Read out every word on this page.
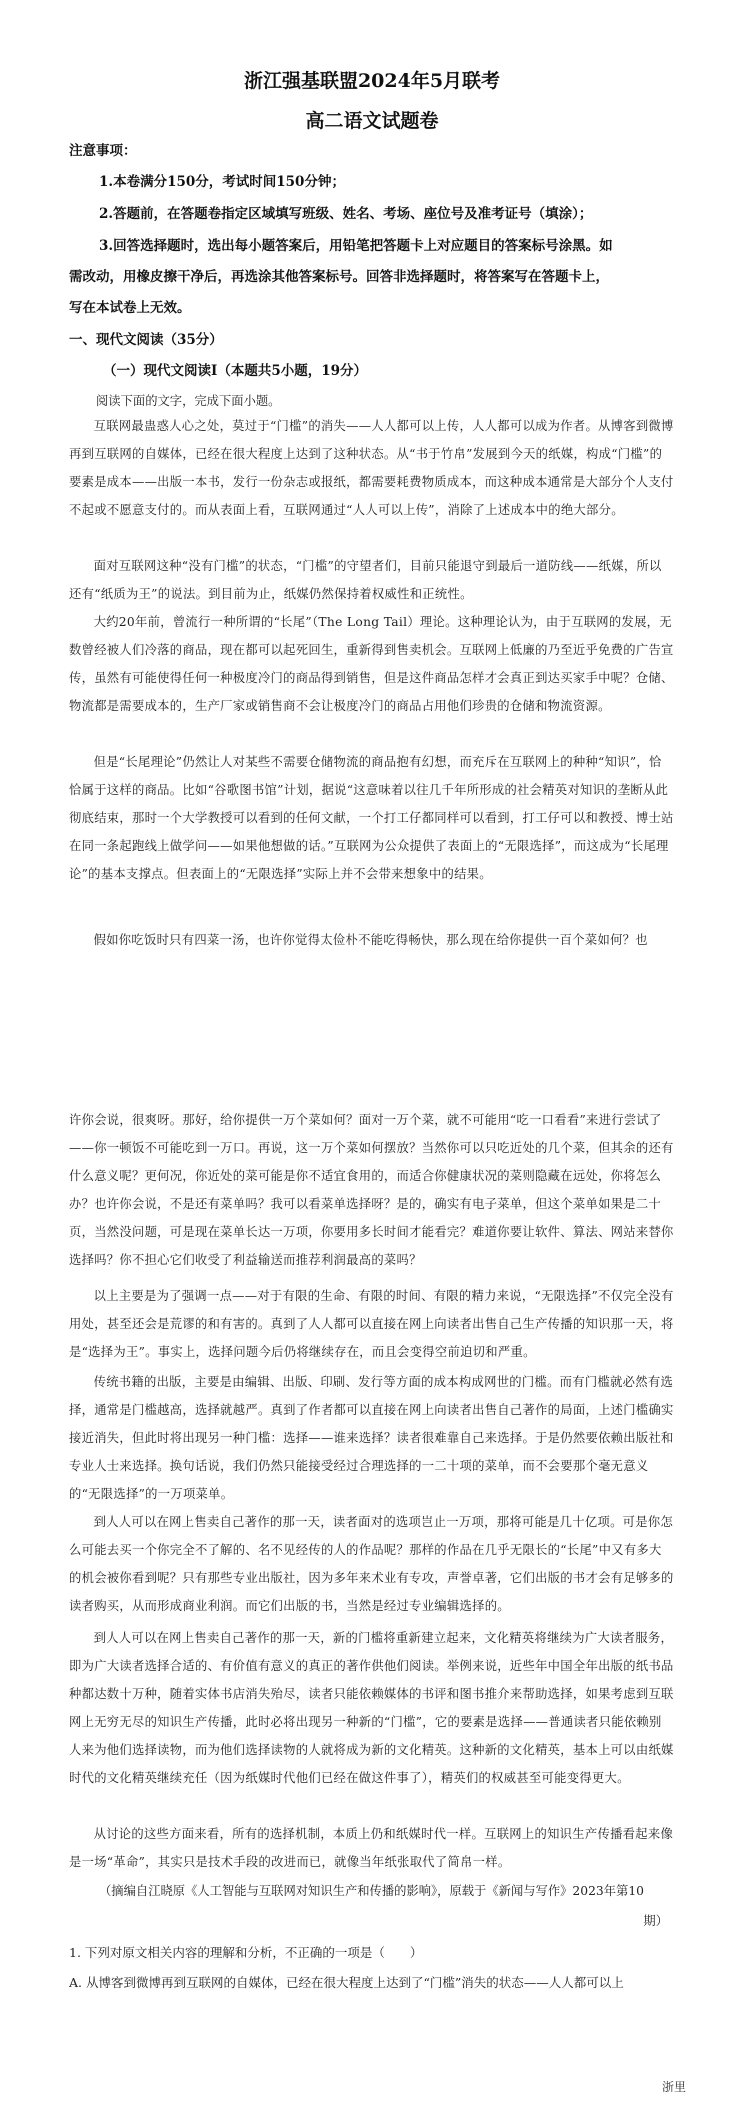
浙江强基联盟2024年5月联考
高二语文试题卷
注意事项：
1.本卷满分150分，考试时间150分钟；
2.答题前，在答题卷指定区域填写班级、姓名、考场、座位号及准考证号（填涂）；
3.回答选择题时，选出每小题答案后，用铅笔把答题卡上对应题目的答案标号涂黑。如
需改动，用橡皮擦干净后，再选涂其他答案标号。回答非选择题时，将答案写在答题卡上，
写在本试卷上无效。
一、现代文阅读（35分）
（一）现代文阅读Ⅰ（本题共5小题，19分）
阅读下面的文字，完成下面小题。
互联网最蛊惑人心之处，莫过于“门槛”的消失——人人都可以上传，人人都可以成为作者。从博客到微博再到互联网的自媒体，已经在很大程度上达到了这种状态。从“书于竹帛”发展到今天的纸媒，构成“门槛”的要素是成本——出版一本书，发行一份杂志或报纸，都需要耗费物质成本，而这种成本通常是大部分个人支付不起或不愿意支付的。而从表面上看，互联网通过“人人可以上传”，消除了上述成本中的绝大部分。
面对互联网这种“没有门槛”的状态，“门槛”的守望者们，目前只能退守到最后一道防线——纸媒，所以还有“纸质为王”的说法。到目前为止，纸媒仍然保持着权威性和正统性。
大约20年前，曾流行一种所谓的“长尾”（The Long Tail）理论。这种理论认为，由于互联网的发展，无数曾经被人们冷落的商品，现在都可以起死回生，重新得到售卖机会。互联网上低廉的乃至近乎免费的广告宣传，虽然有可能使得任何一种极度冷门的商品得到销售，但是这件商品怎样才会真正到达买家手中呢？仓储、物流都是需要成本的，生产厂家或销售商不会让极度冷门的商品占用他们珍贵的仓储和物流资源。
但是“长尾理论”仍然让人对某些不需要仓储物流的商品抱有幻想，而充斥在互联网上的种种“知识”，恰恰属于这样的商品。比如“谷歌图书馆”计划，据说“这意味着以往几千年所形成的社会精英对知识的垄断从此彻底结束，那时一个大学教授可以看到的任何文献，一个打工仔都同样可以看到，打工仔可以和教授、博士站在同一条起跑线上做学问——如果他想做的话。”互联网为公众提供了表面上的“无限选择”，而这成为“长尾理论”的基本支撑点。但表面上的“无限选择”实际上并不会带来想象中的结果。
假如你吃饭时只有四菜一汤，也许你觉得太俭朴不能吃得畅快，那么现在给你提供一百个菜如何？也
许你会说，很爽呀。那好，给你提供一万个菜如何？面对一万个菜，就不可能用“吃一口看看”来进行尝试了——你一顿饭不可能吃到一万口。再说，这一万个菜如何摆放？当然你可以只吃近处的几个菜，但其余的还有什么意义呢？更何况，你近处的菜可能是你不适宜食用的，而适合你健康状况的菜则隐藏在远处，你将怎么办？也许你会说，不是还有菜单吗？我可以看菜单选择呀？是的，确实有电子菜单，但这个菜单如果是二十页，当然没问题，可是现在菜单长达一万项，你要用多长时间才能看完？难道你要让软件、算法、网站来替你选择吗？你不担心它们收受了利益输送而推荐利润最高的菜吗？
以上主要是为了强调一点——对于有限的生命、有限的时间、有限的精力来说，“无限选择”不仅完全没有用处，甚至还会是荒谬的和有害的。真到了人人都可以直接在网上向读者出售自己生产传播的知识那一天，将是“选择为王”。事实上，选择问题今后仍将继续存在，而且会变得空前迫切和严重。
传统书籍的出版，主要是由编辑、出版、印刷、发行等方面的成本构成网世的门槛。而有门槛就必然有选择，通常是门槛越高，选择就越严。真到了作者都可以直接在网上向读者出售自己著作的局面，上述门槛确实接近消失，但此时将出现另一种门槛：选择——谁来选择？读者很难靠自己来选择。于是仍然要依赖出版社和专业人士来选择。换句话说，我们仍然只能接受经过合理选择的一二十项的菜单，而不会要那个毫无意义的“无限选择”的一万项菜单。
到人人可以在网上售卖自己著作的那一天，读者面对的选项岂止一万项，那将可能是几十亿项。可是你怎么可能去买一个你完全不了解的、名不见经传的人的作品呢？那样的作品在几乎无限长的“长尾”中又有多大的机会被你看到呢？只有那些专业出版社，因为多年来术业有专攻，声誉卓著，它们出版的书才会有足够多的读者购买，从而形成商业利润。而它们出版的书，当然是经过专业编辑选择的。
到人人可以在网上售卖自己著作的那一天，新的门槛将重新建立起来，文化精英将继续为广大读者服务，即为广大读者选择合适的、有价值有意义的真正的著作供他们阅读。举例来说，近些年中国全年出版的纸书品种都达数十万种，随着实体书店消失殆尽，读者只能依赖媒体的书评和图书推介来帮助选择，如果考虑到互联网上无穷无尽的知识生产传播，此时必将出现另一种新的“门槛”，它的要素是选择——普通读者只能依赖别人来为他们选择读物，而为他们选择读物的人就将成为新的文化精英。这种新的文化精英，基本上可以由纸媒时代的文化精英继续充任（因为纸媒时代他们已经在做这件事了），精英们的权威甚至可能变得更大。
从讨论的这些方面来看，所有的选择机制，本质上仍和纸媒时代一样。互联网上的知识生产传播看起来像是一场“革命”，其实只是技术手段的改进而已，就像当年纸张取代了简帛一样。
（摘编自江晓原《人工智能与互联网对知识生产和传播的影响》，原载于《新闻与写作》2023年第10
期）
1. 下列对原文相关内容的理解和分析，不正确的一项是（　　）
A. 从博客到微博再到互联网的自媒体，已经在很大程度上达到了“门槛”消失的状态——人人都可以上
浙里
